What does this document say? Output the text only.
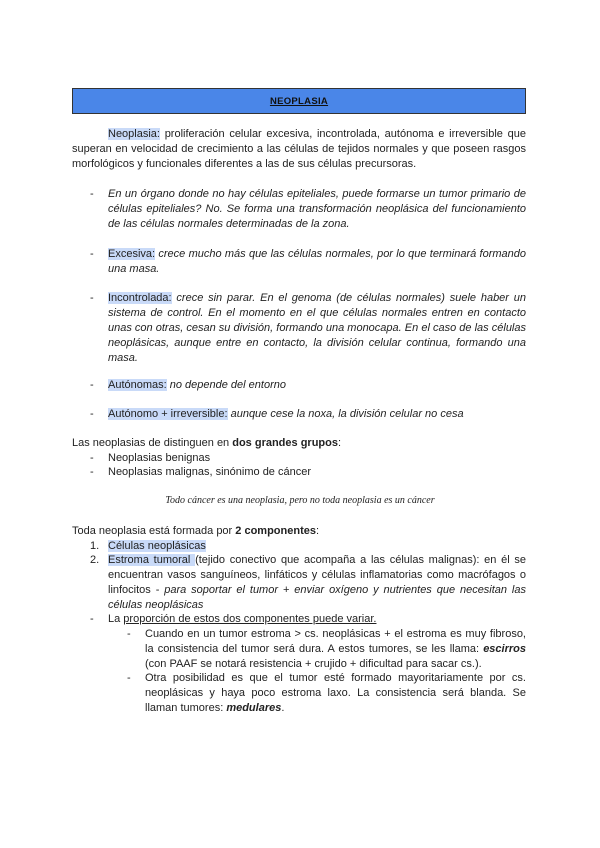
NEOPLASIA
Neoplasia: proliferación celular excesiva, incontrolada, autónoma e irreversible que superan en velocidad de crecimiento a las células de tejidos normales y que poseen rasgos morfológicos y funcionales diferentes a las de sus células precursoras.
- En un órgano donde no hay células epiteliales, puede formarse un tumor primario de células epiteliales? No. Se forma una transformación neoplásica del funcionamiento de las células normales determinadas de la zona.
- Excesiva: crece mucho más que las células normales, por lo que terminará formando una masa.
- Incontrolada: crece sin parar. En el genoma (de células normales) suele haber un sistema de control. En el momento en el que células normales entren en contacto unas con otras, cesan su división, formando una monocapa. En el caso de las células neoplásicas, aunque entre en contacto, la división celular continua, formando una masa.
- Autónomas: no depende del entorno
- Autónomo + irreversible: aunque cese la noxa, la división celular no cesa
Las neoplasias de distinguen en dos grandes grupos:
- Neoplasias benignas
- Neoplasias malignas, sinónimo de cáncer
Todo cáncer es una neoplasia, pero no toda neoplasia es un cáncer
Toda neoplasia está formada por 2 componentes:
1. Células neoplásicas
2. Estroma tumoral (tejido conectivo que acompaña a las células malignas): en él se encuentran vasos sanguíneos, linfáticos y células inflamatorias como macrófagos o linfocitos - para soportar el tumor + enviar oxígeno y nutrientes que necesitan las células neoplásicas
- La proporción de estos dos componentes puede variar.
- Cuando en un tumor estroma > cs. neoplásicas + el estroma es muy fibroso, la consistencia del tumor será dura. A estos tumores, se les llama: escirros (con PAAF se notará resistencia + crujido + dificultad para sacar cs.).
- Otra posibilidad es que el tumor esté formado mayoritariamente por cs. neoplásicas y haya poco estroma laxo. La consistencia será blanda. Se llaman tumores: medulares.
